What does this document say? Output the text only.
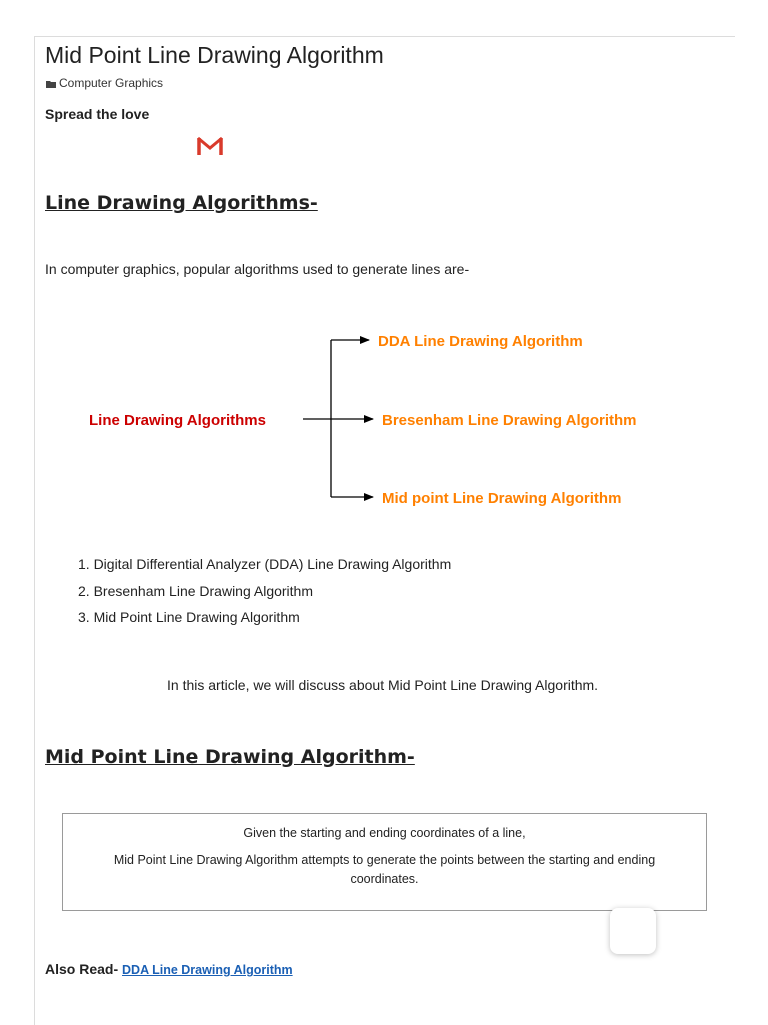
Mid Point Line Drawing Algorithm
Computer Graphics
Spread the love
Line Drawing Algorithms-
In computer graphics, popular algorithms used to generate lines are-
Line Drawing Algorithms
DDA Line Drawing Algorithm
Bresenham Line Drawing Algorithm
Mid point Line Drawing Algorithm
1. Digital Differential Analyzer (DDA) Line Drawing Algorithm
2. Bresenham Line Drawing Algorithm
3. Mid Point Line Drawing Algorithm
In this article, we will discuss about Mid Point Line Drawing Algorithm.
Mid Point Line Drawing Algorithm-
Given the starting and ending coordinates of a line,
Mid Point Line Drawing Algorithm attempts to generate the points between the starting and ending coordinates.
Also Read- DDA Line Drawing Algorithm
